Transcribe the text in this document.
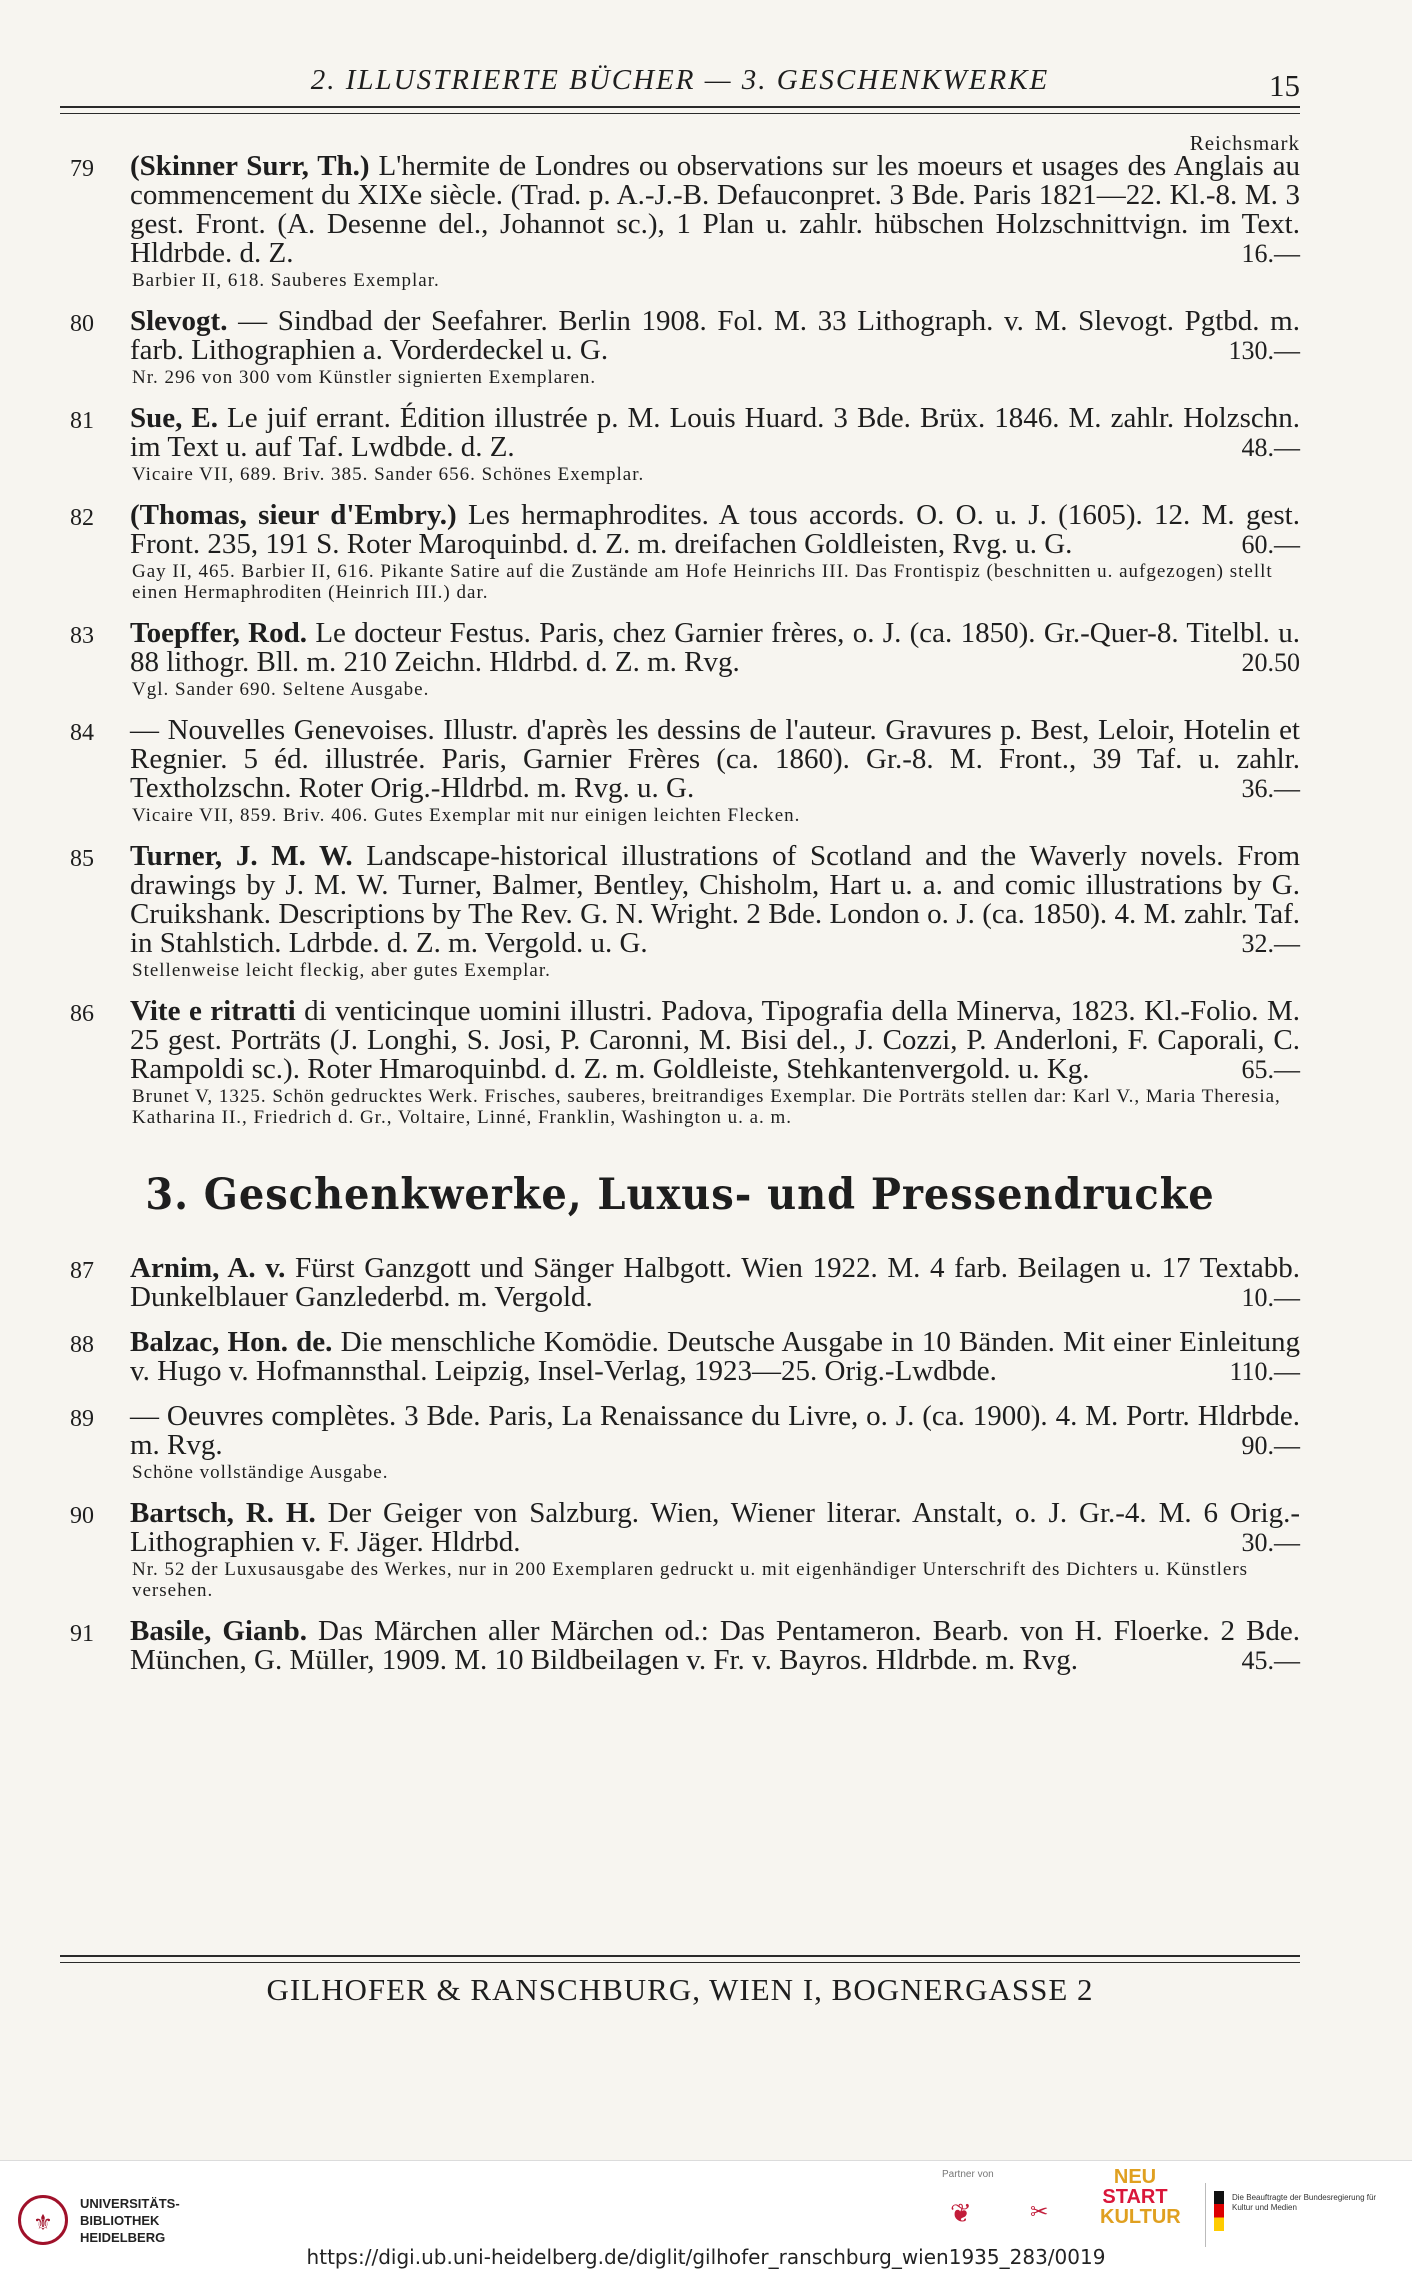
2. ILLUSTRIERTE BÜCHER — 3. GESCHENKWERKE	15
Reichsmark
79 (Skinner Surr, Th.) L'hermite de Londres ou observations sur les moeurs et usages des Anglais au commencement du XIXe siècle. (Trad. p. A.-J.-B. Defauconpret. 3 Bde. Paris 1821—22. Kl.-8. M. 3 gest. Front. (A. Desenne del., Johannot sc.), 1 Plan u. zahlr. hübschen Holzschnittvign. im Text. Hldrbde. d. Z.	16.—
Barbier II, 618. Sauberes Exemplar.
80 Slevogt. — Sindbad der Seefahrer. Berlin 1908. Fol. M. 33 Lithograph. v. M. Slevogt. Pgtbd. m. farb. Lithographien a. Vorderdeckel u. G.	130.—
Nr. 296 von 300 vom Künstler signierten Exemplaren.
81 Sue, E. Le juif errant. Édition illustrée p. M. Louis Huard. 3 Bde. Brüx. 1846. M. zahlr. Holzschn. im Text u. auf Taf. Lwdbde. d. Z.	48.—
Vicaire VII, 689. Briv. 385. Sander 656. Schönes Exemplar.
82 (Thomas, sieur d'Embry.) Les hermaphrodites. A tous accords. O. O. u. J. (1605). 12. M. gest. Front. 235, 191 S. Roter Maroquinbd. d. Z. m. dreifachen Goldleisten, Rvg. u. G.	60.—
Gay II, 465. Barbier II, 616. Pikante Satire auf die Zustände am Hofe Heinrichs III. Das Frontispiz (beschnitten u. aufgezogen) stellt einen Hermaphroditen (Heinrich III.) dar.
83 Toepffer, Rod. Le docteur Festus. Paris, chez Garnier frères, o. J. (ca. 1850). Gr.-Quer-8. Titelbl. u. 88 lithogr. Bll. m. 210 Zeichn. Hldrbd. d. Z. m. Rvg.	20.50
Vgl. Sander 690. Seltene Ausgabe.
84 — Nouvelles Genevoises. Illustr. d'après les dessins de l'auteur. Gravures p. Best, Leloir, Hotelin et Regnier. 5 éd. illustrée. Paris, Garnier Frères (ca. 1860). Gr.-8. M. Front., 39 Taf. u. zahlr. Textholzschn. Roter Orig.-Hldrbd. m. Rvg. u. G.	36.—
Vicaire VII, 859. Briv. 406. Gutes Exemplar mit nur einigen leichten Flecken.
85 Turner, J. M. W. Landscape-historical illustrations of Scotland and the Waverly novels. From drawings by J. M. W. Turner, Balmer, Bentley, Chisholm, Hart u. a. and comic illustrations by G. Cruikshank. Descriptions by The Rev. G. N. Wright. 2 Bde. London o. J. (ca. 1850). 4. M. zahlr. Taf. in Stahlstich. Ldrbde. d. Z. m. Vergold. u. G.	32.—
Stellenweise leicht fleckig, aber gutes Exemplar.
86 Vite e ritratti di venticinque uomini illustri. Padova, Tipografia della Minerva, 1823. Kl.-Folio. M. 25 gest. Porträts (J. Longhi, S. Josi, P. Caronni, M. Bisi del., J. Cozzi, P. Anderloni, F. Caporali, C. Rampoldi sc.). Roter Hmaroquinbd. d. Z. m. Goldleiste, Stehkantenvergold. u. Kg.	65.—
Brunet V, 1325. Schön gedrucktes Werk. Frisches, sauberes, breitrandiges Exemplar. Die Porträts stellen dar: Karl V., Maria Theresia, Katharina II., Friedrich d. Gr., Voltaire, Linné, Franklin, Washington u. a. m.
3. Geschenkwerke, Luxus- und Pressendrucke
87 Arnim, A. v. Fürst Ganzgott und Sänger Halbgott. Wien 1922. M. 4 farb. Beilagen u. 17 Textabb. Dunkelblauer Ganzlederbd. m. Vergold.	10.—
88 Balzac, Hon. de. Die menschliche Komödie. Deutsche Ausgabe in 10 Bänden. Mit einer Einleitung v. Hugo v. Hofmannsthal. Leipzig, Insel-Verlag, 1923—25. Orig.-Lwdbde.	110.—
89 — Oeuvres complètes. 3 Bde. Paris, La Renaissance du Livre, o. J. (ca. 1900). 4. M. Portr. Hldrbde. m. Rvg.	90.—
Schöne vollständige Ausgabe.
90 Bartsch, R. H. Der Geiger von Salzburg. Wien, Wiener literar. Anstalt, o. J. Gr.-4. M. 6 Orig.-Lithographien v. F. Jäger. Hldrbd.	30.—
Nr. 52 der Luxusausgabe des Werkes, nur in 200 Exemplaren gedruckt u. mit eigenhändiger Unterschrift des Dichters u. Künstlers versehen.
91 Basile, Gianb. Das Märchen aller Märchen od.: Das Pentameron. Bearb. von H. Floerke. 2 Bde. München, G. Müller, 1909. M. 10 Bildbeilagen v. Fr. v. Bayros. Hldrbde. m. Rvg.	45.—
GILHOFER & RANSCHBURG, WIEN I, BOGNERGASSE 2
⚜
UNIVERSITÄTS-
BIBLIOTHEK
HEIDELBERG
Partner von
❦	✂
NEU
START
KULTUR
Die Beauftragte der Bundesregierung für Kultur und Medien
https://digi.ub.uni-heidelberg.de/diglit/gilhofer_ranschburg_wien1935_283/0019
